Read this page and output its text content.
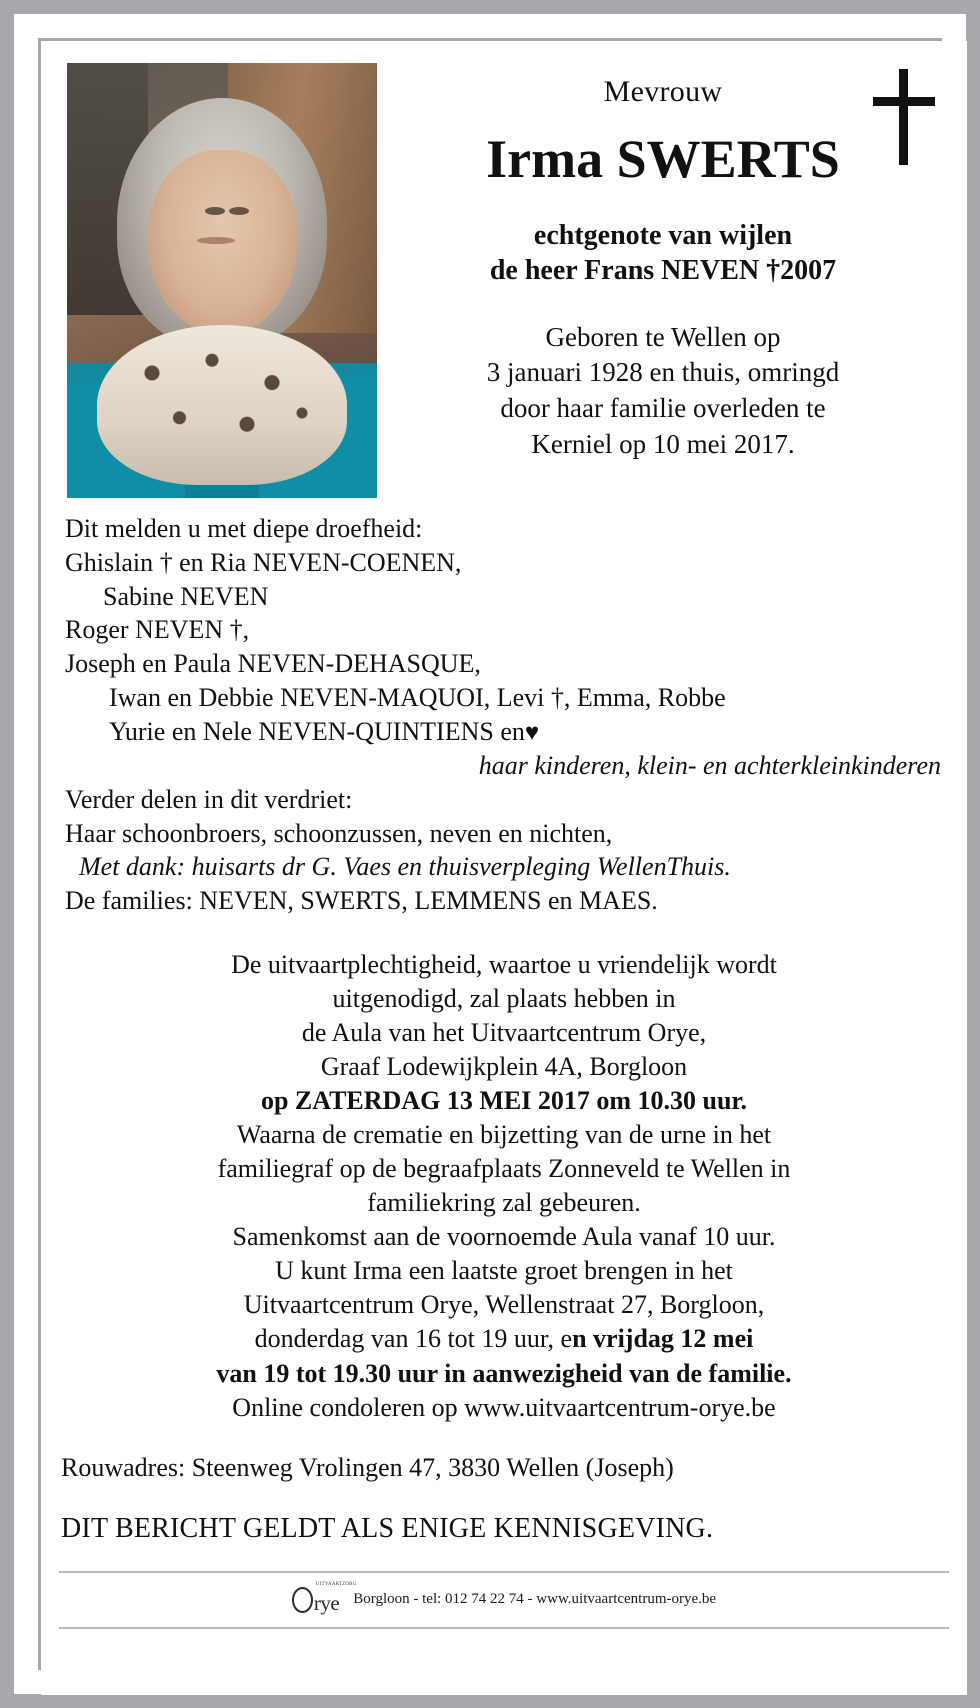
Mevrouw
Irma SWERTS
echtgenote van wijlen
de heer Frans NEVEN †2007
Geboren te Wellen op
3 januari 1928 en thuis, omringd
door haar familie overleden te
Kerniel op 10 mei 2017.
Dit melden u met diepe droefheid:
Ghislain † en Ria NEVEN-COENEN,
Sabine NEVEN
Roger NEVEN †,
Joseph en Paula NEVEN-DEHASQUE,
Iwan en Debbie NEVEN-MAQUOI, Levi †, Emma, Robbe
Yurie en Nele NEVEN-QUINTIENS en♥
haar kinderen, klein- en achterkleinkinderen
Verder delen in dit verdriet:
Haar schoonbroers, schoonzussen, neven en nichten,
Met dank: huisarts dr G. Vaes en thuisverpleging WellenThuis.
De families: NEVEN, SWERTS, LEMMENS en MAES.
De uitvaartplechtigheid, waartoe u vriendelijk wordt
uitgenodigd, zal plaats hebben in
de Aula van het Uitvaartcentrum Orye,
Graaf Lodewijkplein 4A, Borgloon
op ZATERDAG 13 MEI 2017 om 10.30 uur.
Waarna de crematie en bijzetting van de urne in het
familiegraf op de begraafplaats Zonneveld te Wellen in
familiekring zal gebeuren.
Samenkomst aan de voornoemde Aula vanaf 10 uur.
U kunt Irma een laatste groet brengen in het
Uitvaartcentrum Orye, Wellenstraat 27, Borgloon,
donderdag van 16 tot 19 uur, en vrijdag 12 mei
van 19 tot 19.30 uur in aanwezigheid van de familie.
Online condoleren op www.uitvaartcentrum-orye.be
Rouwadres: Steenweg Vrolingen 47, 3830 Wellen (Joseph)
DIT BERICHT GELDT ALS ENIGE KENNISGEVING.
UITVAARTZORG
rye Borgloon - tel: 012 74 22 74 - www.uitvaartcentrum-orye.be
